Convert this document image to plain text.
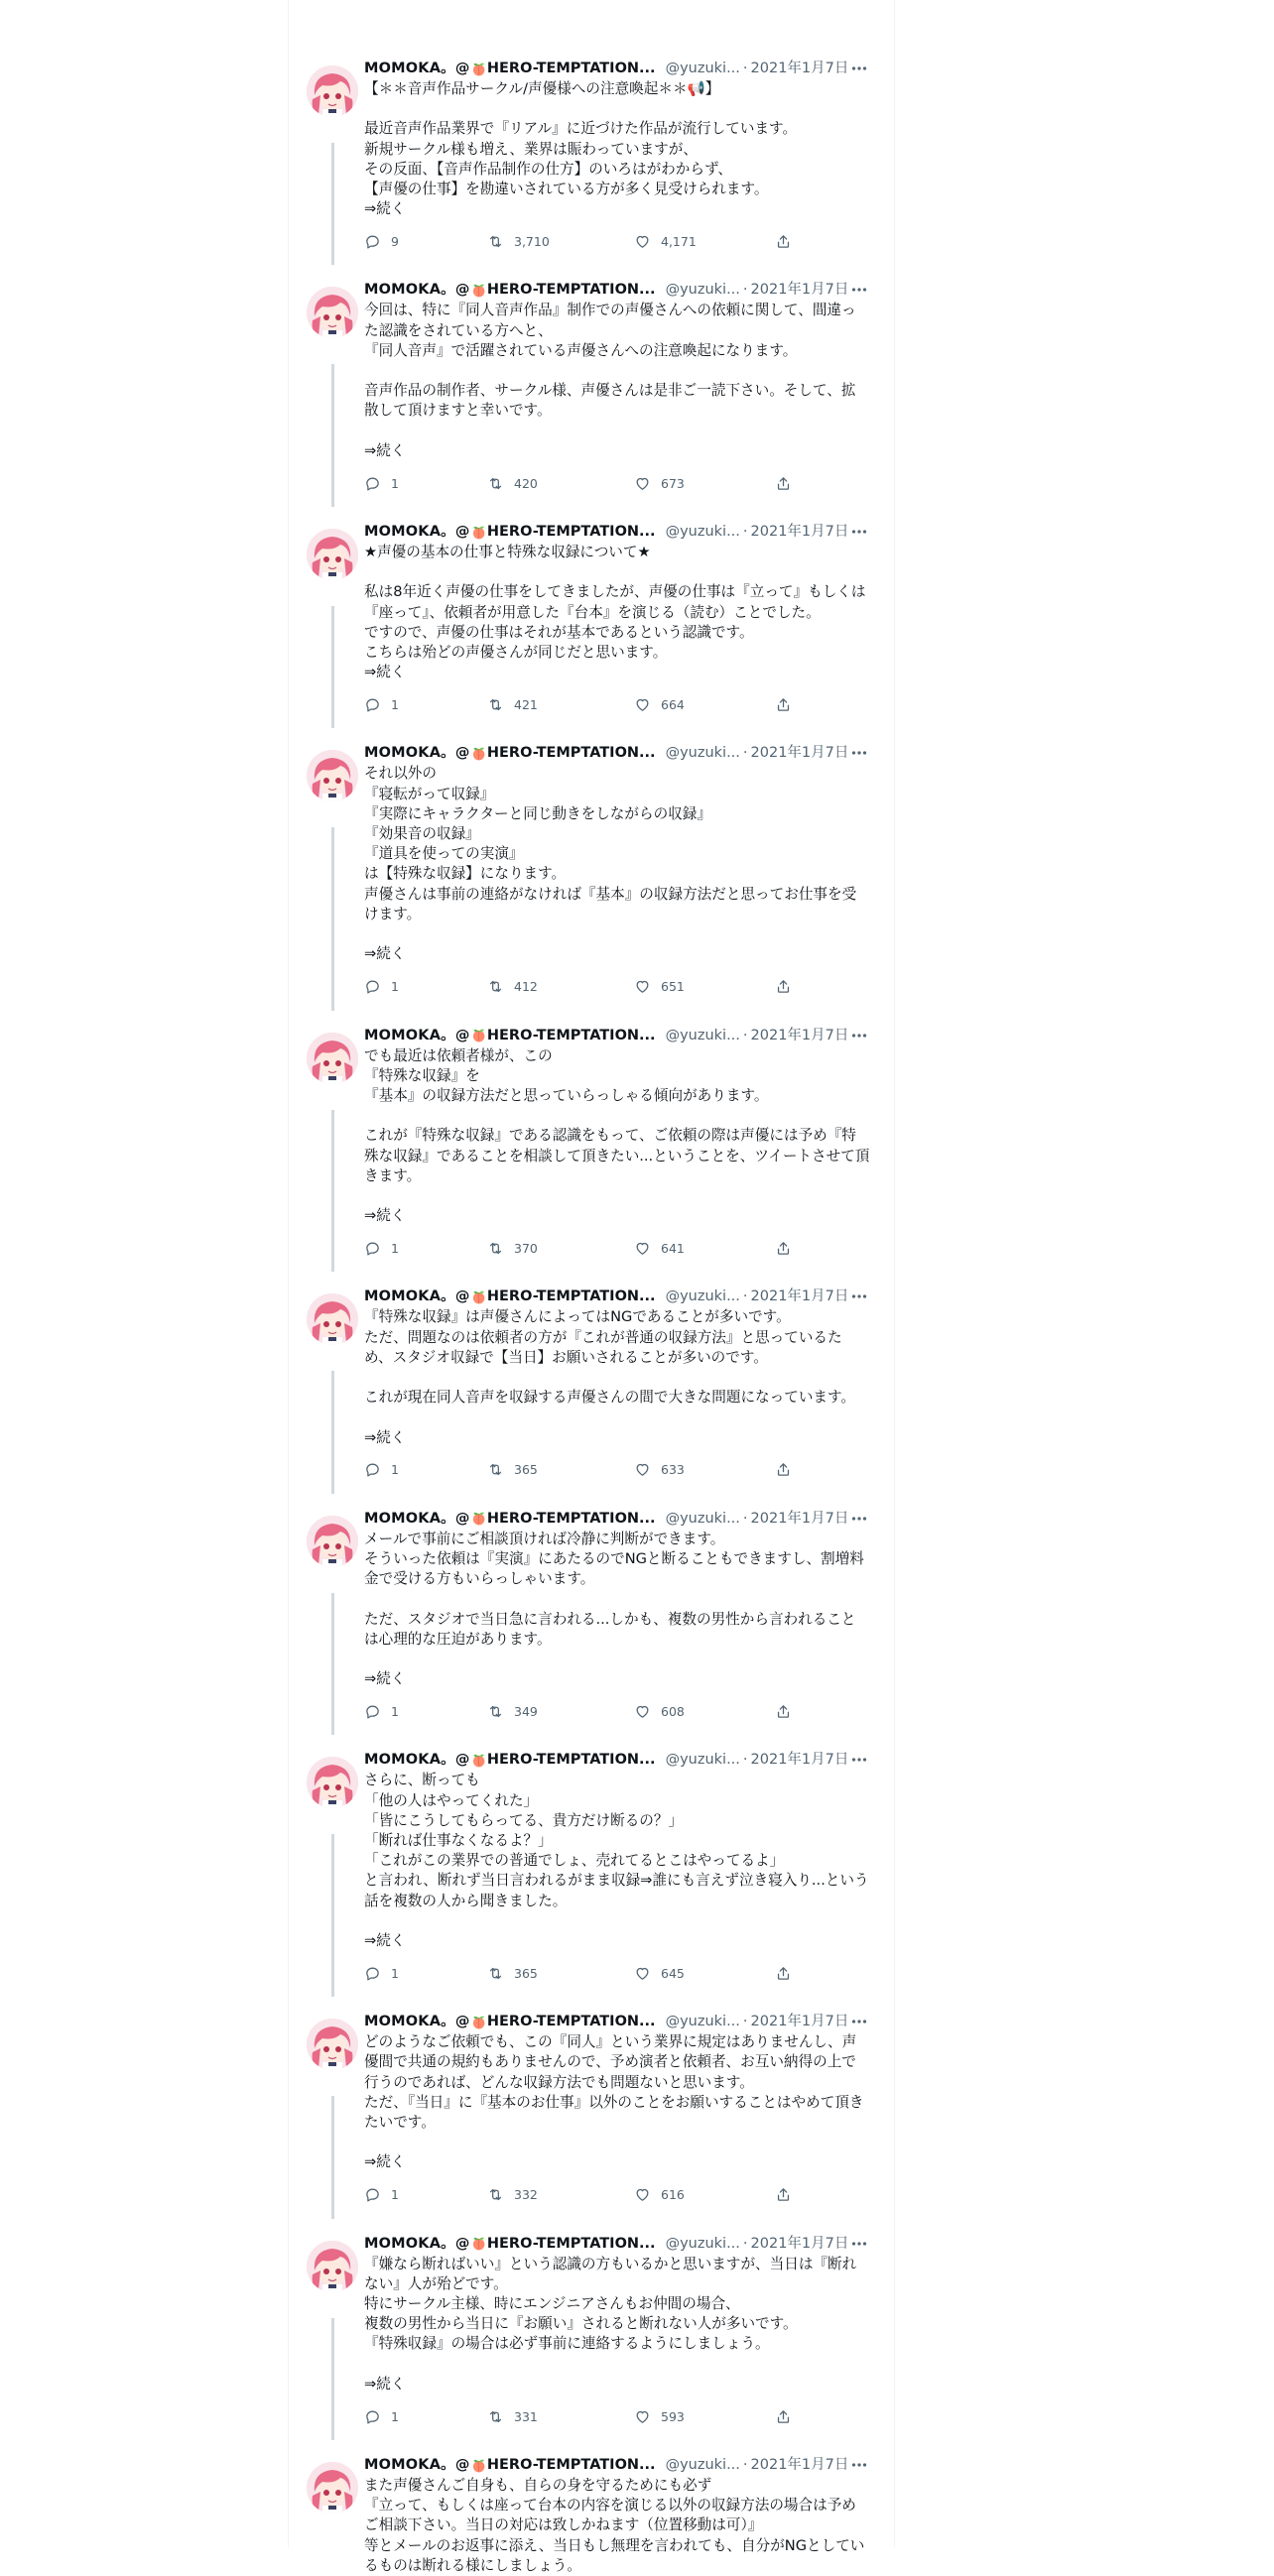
MOMOKA。@ HERO-TEMPTATION... @yuzuki... · 2021年1月7日
【＊＊音声作品サークル/声優様への注意喚起＊＊📢】

最近音声作品業界で『リアル』に近づけた作品が流行しています。
新規サークル様も増え、業界は賑わっていますが、
その反面、【音声作品制作の仕方】のいろはがわからず、
【声優の仕事】を勘違いされている方が多く見受けられます。
⇒続く
9	3,710	4,171
MOMOKA。@ HERO-TEMPTATION... @yuzuki... · 2021年1月7日
今回は、特に『同人音声作品』制作での声優さんへの依頼に関して、間違った認識をされている方へと、
『同人音声』で活躍されている声優さんへの注意喚起になります。

音声作品の制作者、サークル様、声優さんは是非ご一読下さい。そして、拡散して頂けますと幸いです。

⇒続く
1	420	673
MOMOKA。@ HERO-TEMPTATION... @yuzuki... · 2021年1月7日
★声優の基本の仕事と特殊な収録について★

私は8年近く声優の仕事をしてきましたが、声優の仕事は『立って』もしくは『座って』、依頼者が用意した『台本』を演じる（読む）ことでした。
ですので、声優の仕事はそれが基本であるという認識です。
こちらは殆どの声優さんが同じだと思います。
⇒続く
1	421	664
MOMOKA。@ HERO-TEMPTATION... @yuzuki... · 2021年1月7日
それ以外の
『寝転がって収録』
『実際にキャラクターと同じ動きをしながらの収録』
『効果音の収録』
『道具を使っての実演』
は【特殊な収録】になります。
声優さんは事前の連絡がなければ『基本』の収録方法だと思ってお仕事を受けます。

⇒続く
1	412	651
MOMOKA。@ HERO-TEMPTATION... @yuzuki... · 2021年1月7日
でも最近は依頼者様が、この
『特殊な収録』を
『基本』の収録方法だと思っていらっしゃる傾向があります。

これが『特殊な収録』である認識をもって、ご依頼の際は声優には予め『特殊な収録』であることを相談して頂きたい...ということを、ツイートさせて頂きます。

⇒続く
1	370	641
MOMOKA。@ HERO-TEMPTATION... @yuzuki... · 2021年1月7日
『特殊な収録』は声優さんによってはNGであることが多いです。
ただ、問題なのは依頼者の方が『これが普通の収録方法』と思っているため、スタジオ収録で【当日】お願いされることが多いのです。

これが現在同人音声を収録する声優さんの間で大きな問題になっています。

⇒続く
1	365	633
MOMOKA。@ HERO-TEMPTATION... @yuzuki... · 2021年1月7日
メールで事前にご相談頂ければ冷静に判断ができます。
そういった依頼は『実演』にあたるのでNGと断ることもできますし、割増料金で受ける方もいらっしゃいます。

ただ、スタジオで当日急に言われる...しかも、複数の男性から言われることは心理的な圧迫があります。

⇒続く
1	349	608
MOMOKA。@ HERO-TEMPTATION... @yuzuki... · 2021年1月7日
さらに、断っても
「他の人はやってくれた」
「皆にこうしてもらってる、貴方だけ断るの？」
「断れば仕事なくなるよ？」
「これがこの業界での普通でしょ、売れてるとこはやってるよ」
と言われ、断れず当日言われるがまま収録⇒誰にも言えず泣き寝入り...という話を複数の人から聞きました。

⇒続く
1	365	645
MOMOKA。@ HERO-TEMPTATION... @yuzuki... · 2021年1月7日
どのようなご依頼でも、この『同人』という業界に規定はありませんし、声優間で共通の規約もありませんので、予め演者と依頼者、お互い納得の上で行うのであれば、どんな収録方法でも問題ないと思います。
ただ、『当日』に『基本のお仕事』以外のことをお願いすることはやめて頂きたいです。

⇒続く
1	332	616
MOMOKA。@ HERO-TEMPTATION... @yuzuki... · 2021年1月7日
『嫌なら断ればいい』という認識の方もいるかと思いますが、当日は『断れない』人が殆どです。
特にサークル主様、時にエンジニアさんもお仲間の場合、
複数の男性から当日に『お願い』されると断れない人が多いです。
『特殊収録』の場合は必ず事前に連絡するようにしましょう。

⇒続く
1	331	593
MOMOKA。@ HERO-TEMPTATION... @yuzuki... · 2021年1月7日
また声優さんご自身も、自らの身を守るためにも必ず
『立って、もしくは座って台本の内容を演じる以外の収録方法の場合は予めご相談下さい。当日の対応は致しかねます（位置移動は可）』
等とメールのお返事に添え、当日もし無理を言われても、自分がNGとしているものは断れる様にしましょう。
